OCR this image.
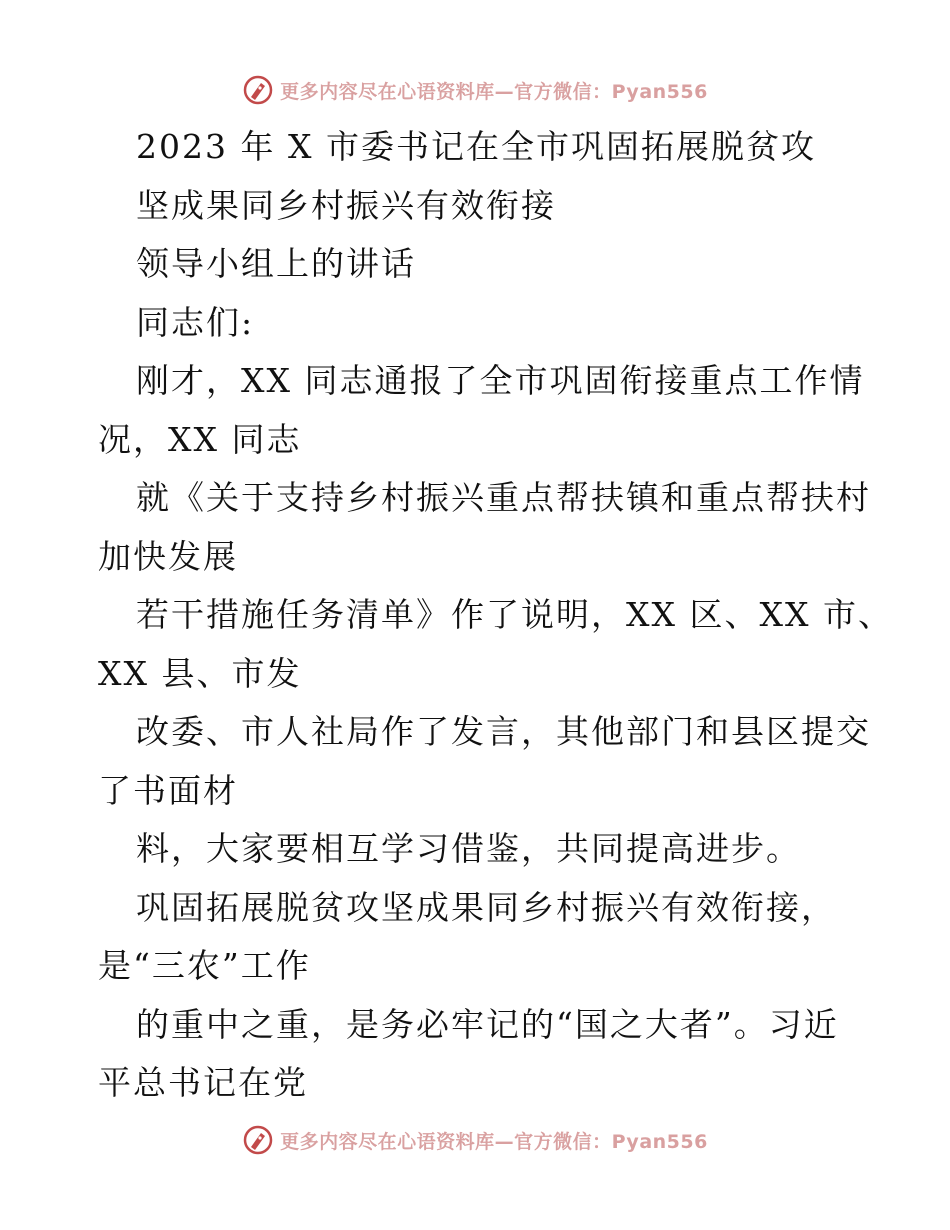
更多内容尽在心语资料库—官方微信：Pyan556
2023 年 X 市委书记在全市巩固拓展脱贫攻
坚成果同乡村振兴有效衔接
领导小组上的讲话
同志们:
刚才，XX 同志通报了全市巩固衔接重点工作情
况，XX 同志
就《关于支持乡村振兴重点帮扶镇和重点帮扶村
加快发展
若干措施任务清单》作了说明，XX 区、XX 市、
XX 县、市发
改委、市人社局作了发言，其他部门和县区提交
了书面材
料，大家要相互学习借鉴，共同提高进步。
巩固拓展脱贫攻坚成果同乡村振兴有效衔接，
是“三农”工作
的重中之重，是务必牢记的“国之大者”。习近
平总书记在党
更多内容尽在心语资料库—官方微信：Pyan556
